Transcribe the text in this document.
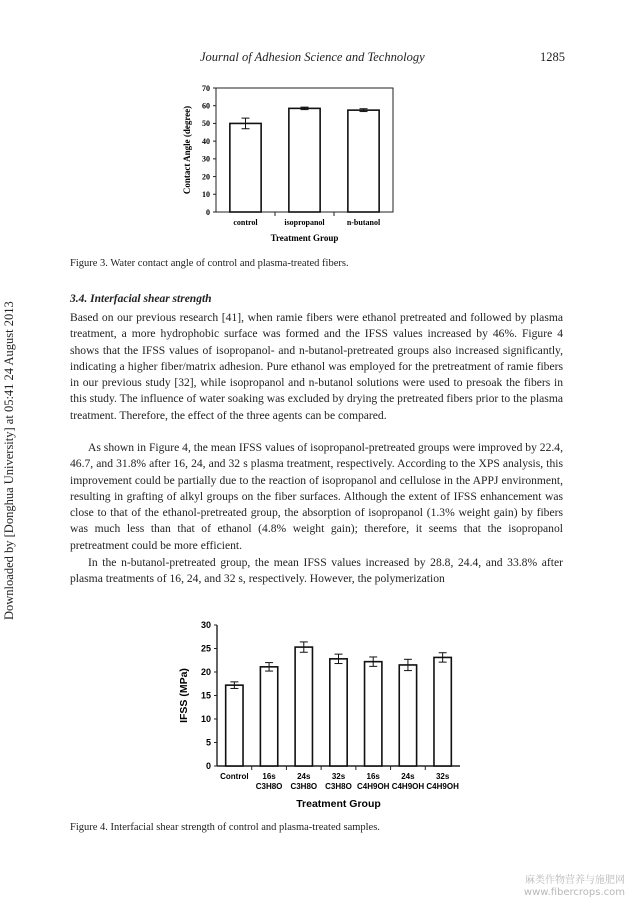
Journal of Adhesion Science and Technology	1285
Downloaded by [Donghua University] at 05:41 24 August 2013
0
10
20
30
40
50
60
70
control	isopropanol	n-butanol
Treatment Group
Contact Angle (degree)
Figure 3. Water contact angle of control and plasma-treated fibers.
3.4. Interfacial shear strength

Based on our previous research [41], when ramie fibers were ethanol pretreated and followed by plasma treatment, a more hydrophobic surface was formed and the IFSS values increased by 46%. Figure 4 shows that the IFSS values of isopropanol- and n-butanol-pretreated groups also increased significantly, indicating a higher fiber/matrix adhesion. Pure ethanol was employed for the pretreatment of ramie fibers in our previous study [32], while isopropanol and n-butanol solutions were used to presoak the fibers in this study. The influence of water soaking was excluded by drying the pretreated fibers prior to the plasma treatment. Therefore, the effect of the three agents can be compared.

As shown in Figure 4, the mean IFSS values of isopropanol-pretreated groups were improved by 22.4, 46.7, and 31.8% after 16, 24, and 32 s plasma treatment, respectively. According to the XPS analysis, this improvement could be partially due to the reaction of isopropanol and cellulose in the APPJ environment, resulting in grafting of alkyl groups on the fiber surfaces. Although the extent of IFSS enhancement was close to that of the ethanol-pretreated group, the absorption of isopropanol (1.3% weight gain) by fibers was much less than that of ethanol (4.8% weight gain); therefore, it seems that the isopropanol pretreatment could be more efficient.

In the n-butanol-pretreated group, the mean IFSS values increased by 28.8, 24.4, and 33.8% after plasma treatments of 16, 24, and 32 s, respectively. However, the polymerization

0
5
10
15
20
25
30
Control 16s
C3H8O
24s
C3H8O
32s
C3H8O
16s
C4H9OH
24s
C4H9OH
32s
C4H9OH
Treatment Group
IFSS (MPa)
Figure 4. Interfacial shear strength of control and plasma-treated samples.
麻类作物营养与施肥网
www.fibercrops.com
